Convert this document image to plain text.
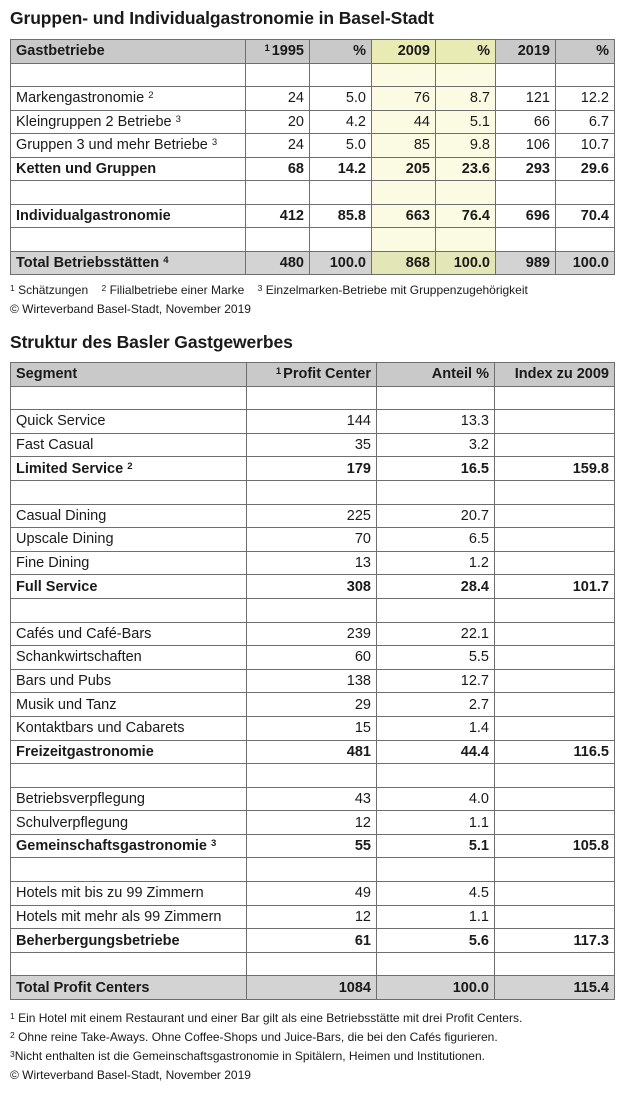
Gruppen- und Individualgastronomie in Basel-Stadt
Gastbetriebe	$^1$ 1995	%	2009	%	2019	%

Markengastronomie $^2$	24	5.0	76	8.7	121	12.2
Kleingruppen 2 Betriebe $^3$	20	4.2	44	5.1	66	6.7
Gruppen 3 und mehr Betriebe $^3$	24	5.0	85	9.8	106	10.7
Ketten und Gruppen	68	14.2	205	23.6	293	29.6

Individualgastronomie	412	85.8	663	76.4	696	70.4

Total Betriebsstätten $^4$	480	100.0	868	100.0	989	100.0
$^1$ Schätzungen $^2$ Filialbetriebe einer Marke $^3$ Einzelmarken-Betriebe mit Gruppenzugehörigkeit
© Wirteverband Basel-Stadt, November 2019
Struktur des Basler Gastgewerbes
Segment	$^1$ Profit Center	Anteil %	Index zu 2009

Quick Service	144	13.3	
Fast Casual	35	3.2	
Limited Service $^2$	179	16.5	159.8

Casual Dining	225	20.7	
Upscale Dining	70	6.5	
Fine Dining	13	1.2	
Full Service	308	28.4	101.7

Cafés und Café-Bars	239	22.1	
Schankwirtschaften	60	5.5	
Bars und Pubs	138	12.7	
Musik und Tanz	29	2.7	
Kontaktbars und Cabarets	15	1.4	
Freizeitgastronomie	481	44.4	116.5

Betriebsverpflegung	43	4.0	
Schulverpflegung	12	1.1	
Gemeinschaftsgastronomie $^3$	55	5.1	105.8

Hotels mit bis zu 99 Zimmern	49	4.5	
Hotels mit mehr als 99 Zimmern	12	1.1	
Beherbergungsbetriebe	61	5.6	117.3

Total Profit Centers	1084	100.0	115.4
$^1$ Ein Hotel mit einem Restaurant und einer Bar gilt als eine Betriebsstätte mit drei Profit Centers.
$^2$ Ohne reine Take-Aways. Ohne Coffee-Shops und Juice-Bars, die bei den Cafés figurieren.
$^3$Nicht enthalten ist die Gemeinschaftsgastronomie in Spitälern, Heimen und Institutionen.
© Wirteverband Basel-Stadt, November 2019
